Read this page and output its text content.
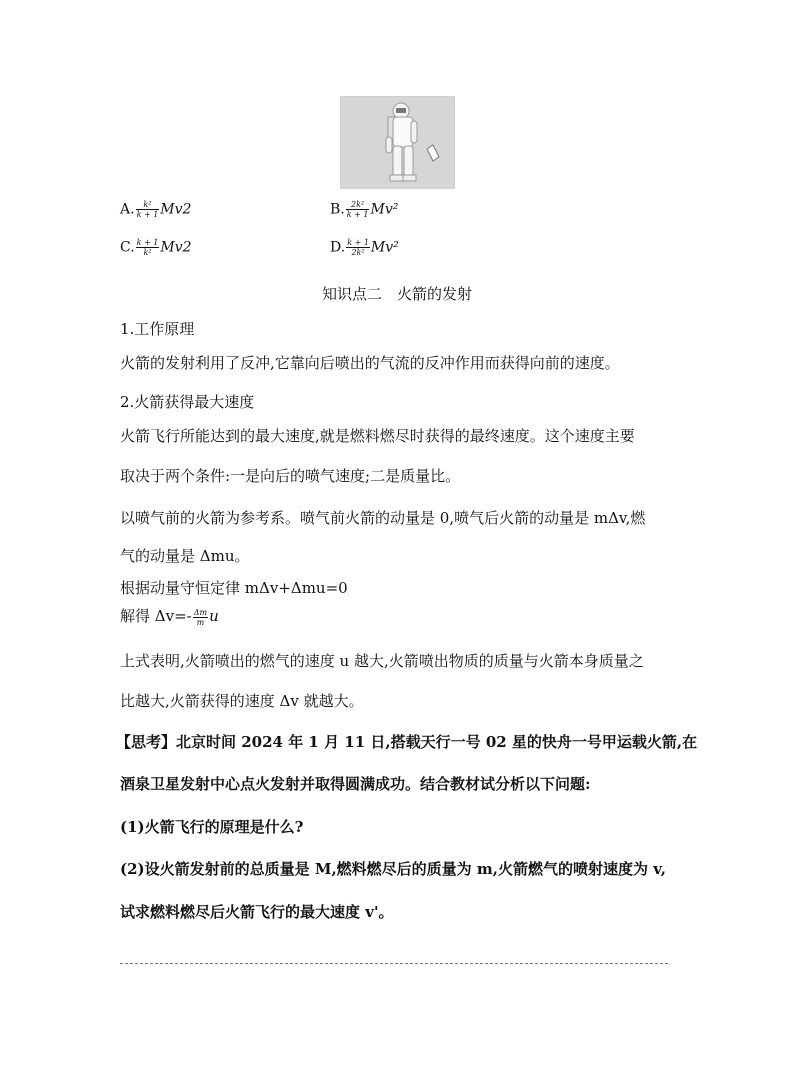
A. $\frac{\text{k²}}{k + 1} Mv2$	B. $\frac{\text{2k²}}{k + 1} Mv^2$
C. $\frac{k + 1}{\text{k²}} Mv2$	D. $\frac{k + 1}{\text{2k²}} Mv^2$
知识点二　火箭的发射
1.工作原理
火箭的发射利用了反冲,它靠向后喷出的气流的反冲作用而获得向前的速度。
2.火箭获得最大速度
火箭飞行所能达到的最大速度,就是燃料燃尽时获得的最终速度。这个速度主要
取决于两个条件:一是向后的喷气速度;二是质量比。
以喷气前的火箭为参考系。喷气前火箭的动量是 0,喷气后火箭的动量是 mΔv,燃
气的动量是 Δmu。
根据动量守恒定律 mΔv+Δmu=0
解得 $\Delta v=- \frac{\Delta m}{m}$ u
上式表明,火箭喷出的燃气的速度 u 越大,火箭喷出物质的质量与火箭本身质量之
比越大,火箭获得的速度 Δv 就越大。
【思考】北京时间 2024 年 1 月 11 日,搭载天行一号 02 星的快舟一号甲运载火箭,在
酒泉卫星发射中心点火发射并取得圆满成功。结合教材试分析以下问题:
(1)火箭飞行的原理是什么?
(2)设火箭发射前的总质量是 M,燃料燃尽后的质量为 m,火箭燃气的喷射速度为 v,
试求燃料燃尽后火箭飞行的最大速度 v'。
